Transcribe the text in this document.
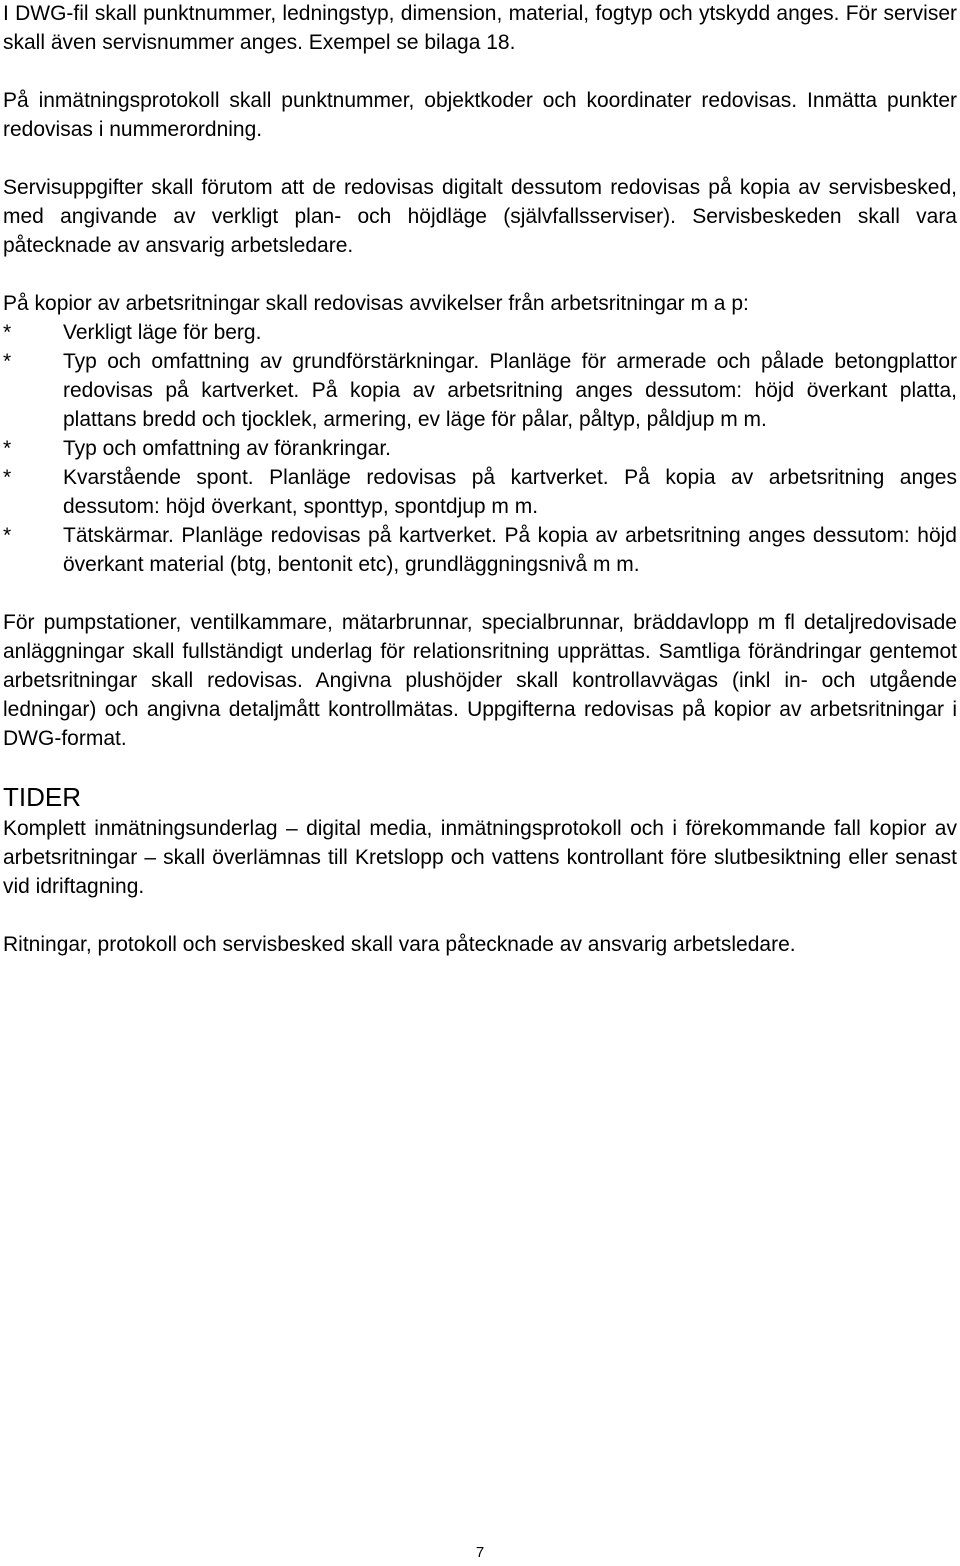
I DWG-fil skall punktnummer, ledningstyp, dimension, material, fogtyp och ytskydd anges. För serviser skall även servisnummer anges. Exempel se bilaga 18.

På inmätningsprotokoll skall punktnummer, objektkoder och koordinater redovisas. Inmätta punkter redovisas i nummerordning.

Servisuppgifter skall förutom att de redovisas digitalt dessutom redovisas på kopia av servisbesked, med angivande av verkligt plan- och höjdläge (självfallsserviser). Servisbeskeden skall vara påtecknade av ansvarig arbetsledare.

På kopior av arbetsritningar skall redovisas avvikelser från arbetsritningar m a p:

* Verkligt läge för berg.
* Typ och omfattning av grundförstärkningar. Planläge för armerade och pålade betongplattor redovisas på kartverket. På kopia av arbetsritning anges dessutom: höjd överkant platta, plattans bredd och tjocklek, armering, ev läge för pålar, påltyp, påldjup m m.
* Typ och omfattning av förankringar.
* Kvarstående spont. Planläge redovisas på kartverket. På kopia av arbetsritning anges dessutom: höjd överkant, sponttyp, spontdjup m m.
* Tätskärmar. Planläge redovisas på kartverket. På kopia av arbetsritning anges dessutom: höjd överkant material (btg, bentonit etc), grundläggningsnivå m m.

För pumpstationer, ventilkammare, mätarbrunnar, specialbrunnar, bräddavlopp m fl detaljredovisade anläggningar skall fullständigt underlag för relationsritning upprättas. Samtliga förändringar gentemot arbetsritningar skall redovisas. Angivna plushöjder skall kontrollavvägas (inkl in- och utgående ledningar) och angivna detaljmått kontrollmätas. Uppgifterna redovisas på kopior av arbetsritningar i DWG-format.

TIDER

Komplett inmätningsunderlag – digital media, inmätningsprotokoll och i förekommande fall kopior av arbetsritningar – skall överlämnas till Kretslopp och vattens kontrollant före slutbesiktning eller senast vid idriftagning.

Ritningar, protokoll och servisbesked skall vara påtecknade av ansvarig arbetsledare.

7
